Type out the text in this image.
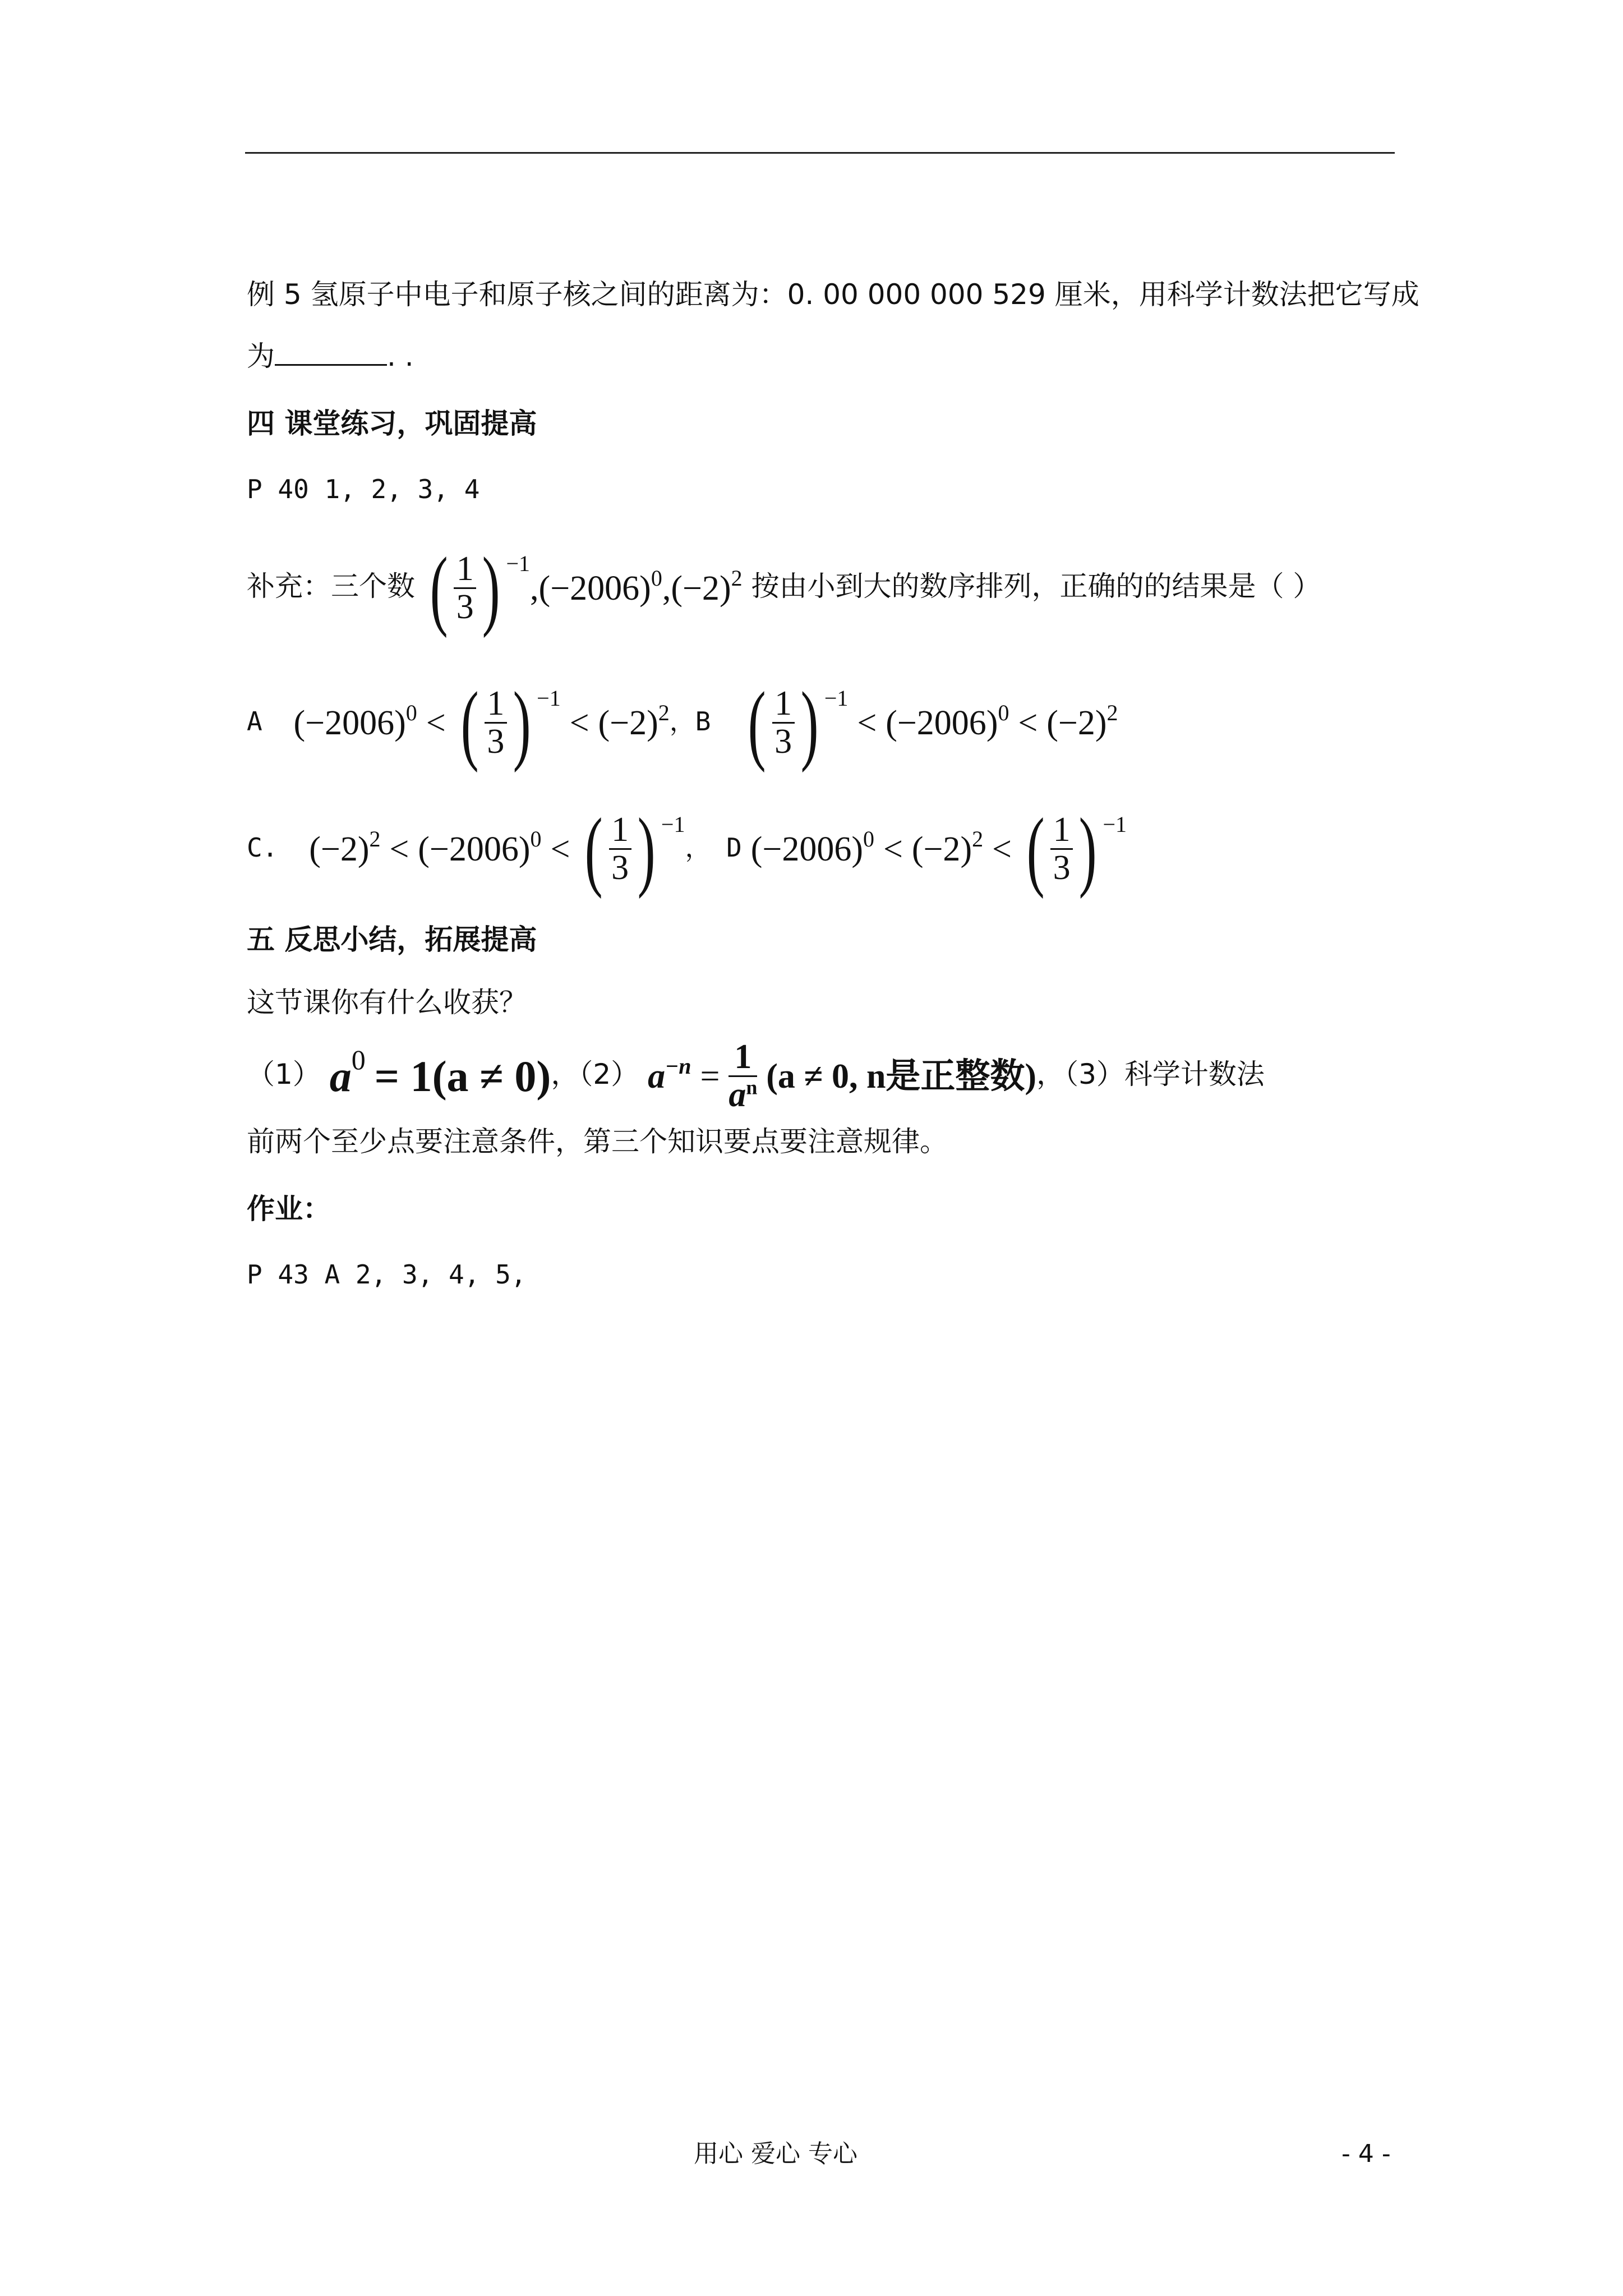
例 5 氢原子中电子和原子核之间的距离为：0. 00 000 000 529 厘米，用科学计数法把它写成
为	. .
四 课堂练习，巩固提高
P 40 1, 2, 3, 4
补充：三个数 ( $\frac{1}{3}$ ) $^{-1},(-2006)^0,(-2)^2$ 按由小到大的数序排列，正确的的结果是（ ）
A $(-2006)^0$ < ( $\frac{1}{3}$ ) $^{-1} < (-2)^2$，B ( $\frac{1}{3}$ ) $^{-1} < (-2006)^0 < (-2)^2$
C. $(-2)^2 < (-2006)^0$ < ( $\frac{1}{3}$ ) $^{-1}$， D $(-2006)^0 < (-2)^2$ < ( $\frac{1}{3}$ ) $^{-1}$
五 反思小结，拓展提高
这节课你有什么收获？
（1） a0 = 1(a ≠ 0)，（2） $a^{-n} = \frac{1}{a^n} (a \ne 0$, n是正整数)，（3）科学计数法
前两个至少点要注意条件，第三个知识要点要注意规律。
作业：
P 43 A 2, 3, 4, 5,
用心 爱心 专心	- 4 -
